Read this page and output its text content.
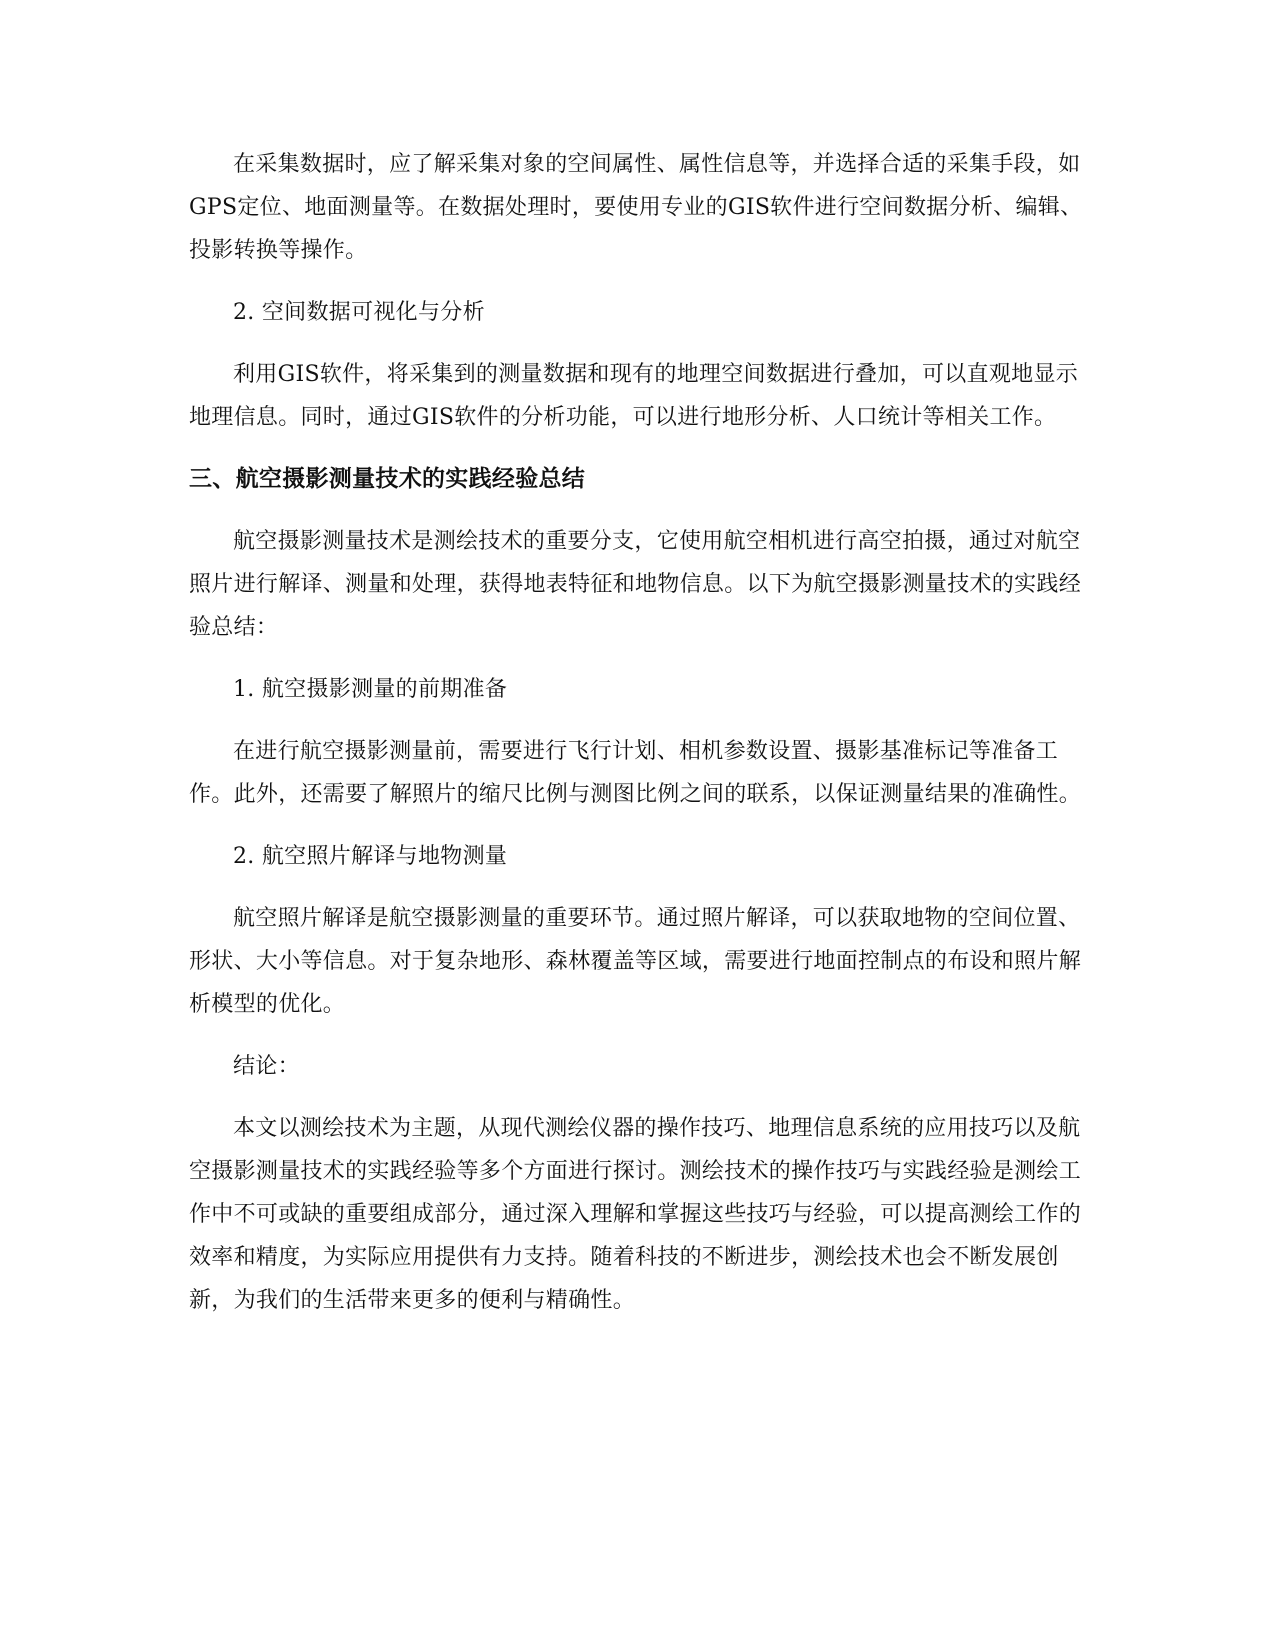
在采集数据时，应了解采集对象的空间属性、属性信息等，并选择合适的采集手段，如GPS定位、地面测量等。在数据处理时，要使用专业的GIS软件进行空间数据分析、编辑、投影转换等操作。

2. 空间数据可视化与分析

利用GIS软件，将采集到的测量数据和现有的地理空间数据进行叠加，可以直观地显示地理信息。同时，通过GIS软件的分析功能，可以进行地形分析、人口统计等相关工作。

三、航空摄影测量技术的实践经验总结

航空摄影测量技术是测绘技术的重要分支，它使用航空相机进行高空拍摄，通过对航空照片进行解译、测量和处理，获得地表特征和地物信息。以下为航空摄影测量技术的实践经验总结：

1. 航空摄影测量的前期准备

在进行航空摄影测量前，需要进行飞行计划、相机参数设置、摄影基准标记等准备工作。此外，还需要了解照片的缩尺比例与测图比例之间的联系，以保证测量结果的准确性。

2. 航空照片解译与地物测量

航空照片解译是航空摄影测量的重要环节。通过照片解译，可以获取地物的空间位置、形状、大小等信息。对于复杂地形、森林覆盖等区域，需要进行地面控制点的布设和照片解析模型的优化。

结论：

本文以测绘技术为主题，从现代测绘仪器的操作技巧、地理信息系统的应用技巧以及航空摄影测量技术的实践经验等多个方面进行探讨。测绘技术的操作技巧与实践经验是测绘工作中不可或缺的重要组成部分，通过深入理解和掌握这些技巧与经验，可以提高测绘工作的效率和精度，为实际应用提供有力支持。随着科技的不断进步，测绘技术也会不断发展创新，为我们的生活带来更多的便利与精确性。
